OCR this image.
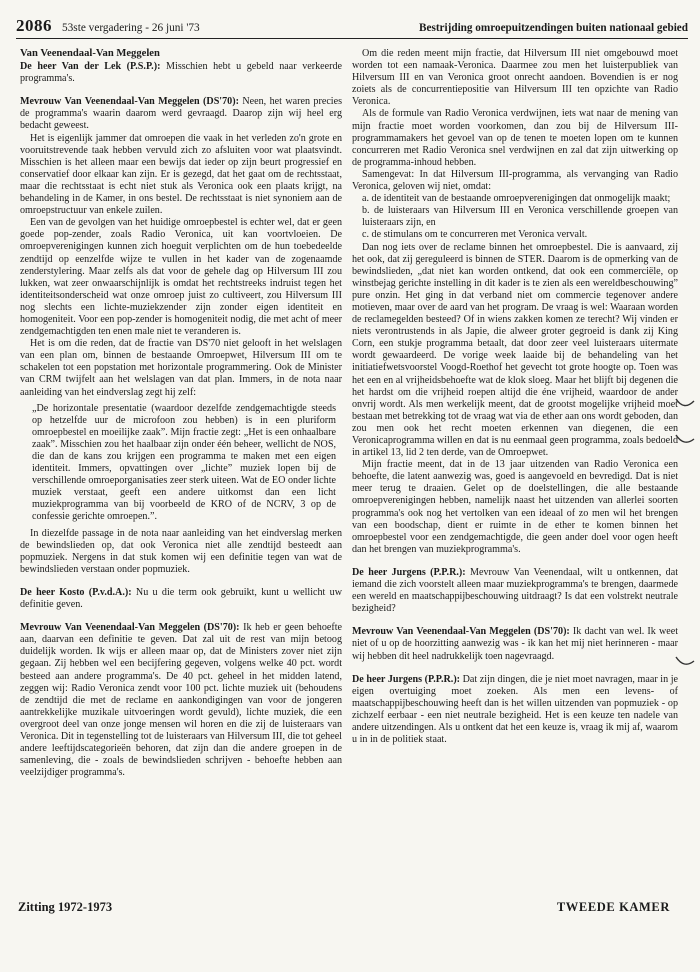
2086 53ste vergadering - 26 juni '73	Bestrijding omroepuitzendingen buiten nationaal gebied
Van Veenendaal-Van Meggelen

De heer Van der Lek (P.S.P.): Misschien hebt u gebeld naar verkeerde programma's.

Mevrouw Van Veenendaal-Van Meggelen (DS'70): Neen, het waren precies de programma's waarin daarom werd gevraagd. Daarop zijn wij heel erg bedacht geweest.

Het is eigenlijk jammer dat omroepen die vaak in het verleden zo'n grote en vooruitstrevende taak hebben vervuld zich zo afsluiten voor wat plaatsvindt. Misschien is het alleen maar een bewijs dat ieder op zijn beurt progressief en conservatief door elkaar kan zijn. Er is gezegd, dat het gaat om de rechtsstaat, maar die rechtsstaat is echt niet stuk als Veronica ook een plaats krijgt, na behandeling in de Kamer, in ons bestel. De rechtsstaat is niet synoniem aan de omroepstructuur van enkele zuilen.

Een van de gevolgen van het huidige omroepbestel is echter wel, dat er geen goede pop-zender, zoals Radio Veronica, uit kan voortvloeien. De omroepverenigingen kunnen zich hoeguit verplichten om de hun toebedeelde zendtijd op eenzelfde wijze te vullen in het kader van de zogenaamde zenderstylering. Maar zelfs als dat voor de gehele dag op Hilversum III zou lukken, wat zeer onwaarschijnlijk is omdat het rechtstreeks indruist tegen het identiteitsonderscheid wat onze omroep juist zo cultiveert, zou Hilversum III nog slechts een lichte-muziekzender zijn zonder eigen identiteit en homogeniteit. Voor een pop-zender is homogeniteit nodig, die met acht of meer zendgemachtigden ten enen male niet te veranderen is.

Het is om die reden, dat de fractie van DS'70 niet gelooft in het welslagen van een plan om, binnen de bestaande Omroepwet, Hilversum III om te schakelen tot een popstation met horizontale programmering. Ook de Minister van CRM twijfelt aan het welslagen van dat plan. Immers, in de nota naar aanleiding van het eindverslag zegt hij zelf:

„De horizontale presentatie (waardoor dezelfde zendgemachtigde steeds op hetzelfde uur de microfoon zou hebben) is in een pluriform omroepbestel en moeilijke zaak”. Mijn fractie zegt: „Het is een onhaalbare zaak”. Misschien zou het haalbaar zijn onder één beheer, wellicht de NOS, die dan de kans zou krijgen een programma te maken met een eigen identiteit. Immers, opvattingen over „lichte” muziek lopen bij de verschillende omroeporganisaties zeer sterk uiteen. Wat de EO onder lichte muziek verstaat, geeft een andere uitkomst dan een licht muziekprogramma van bij voorbeeld de KRO of de NCRV, 3 op de confessie gerichte omroepen.”.

In diezelfde passage in de nota naar aanleiding van het eindverslag merken de bewindslieden op, dat ook Veronica niet alle zendtijd besteedt aan popmuziek. Nergens in dat stuk komen wij een definitie tegen van wat de bewindslieden verstaan onder popmuziek.

De heer Kosto (P.v.d.A.): Nu u die term ook gebruikt, kunt u wellicht uw definitie geven.

Mevrouw Van Veenendaal-Van Meggelen (DS'70): Ik heb er geen behoefte aan, daarvan een definitie te geven. Dat zal uit de rest van mijn betoog duidelijk worden. Ik wijs er alleen maar op, dat de Ministers zover niet zijn gegaan. Zij hebben wel een becijfering gegeven, volgens welke 40 pct. wordt besteed aan andere programma's. De 40 pct. geheel in het midden latend, zeggen wij: Radio Veronica zendt voor 100 pct. lichte muziek uit (behoudens de zendtijd die met de reclame en aankondigingen van voor de jongeren aantrekkelijke muzikale uitvoeringen wordt gevuld), lichte muziek, die een overgroot deel van onze jonge mensen wil horen en die zij de luisteraars van Veronica. Dit in tegenstelling tot de luisteraars van Hilversum III, die tot geheel andere leeftijdscategorieën behoren, dat zijn dan die andere groepen in de samenleving, die - zoals de bewindslieden schrijven - behoefte hebben aan veelzijdiger programma's.

Om die reden meent mijn fractie, dat Hilversum III niet omgebouwd moet worden tot een namaak-Veronica. Daarmee zou men het luisterpubliek van Hilversum III en van Veronica groot onrecht aandoen. Bovendien is er nog zoiets als de concurrentiepositie van Hilversum III ten opzichte van Radio Veronica.

Als de formule van Radio Veronica verdwijnen, iets wat naar de mening van mijn fractie moet worden voorkomen, dan zou bij de Hilversum III-programmamakers het gevoel van op de tenen te moeten lopen om te kunnen concurreren met Radio Veronica snel verdwijnen en zal dat zijn uitwerking op de programma-inhoud hebben.

Samengevat: In dat Hilversum III-programma, als vervanging van Radio Veronica, geloven wij niet, omdat:

a. de identiteit van de bestaande omroepverenigingen dat onmogelijk maakt;
b. de luisteraars van Hilversum III en Veronica verschillende groepen van luisteraars zijn, en
c. de stimulans om te concurreren met Veronica vervalt.

Dan nog iets over de reclame binnen het omroepbestel. Die is aanvaard, zij het ook, dat zij gereguleerd is binnen de STER. Daarom is de opmerking van de bewindslieden, „dat niet kan worden ontkend, dat ook een commerciële, op winstbejag gerichte instelling in dit kader is te zien als een wereldbeschouwing” pure onzin. Het ging in dat verband niet om commercie tegenover andere motieven, maar over de aard van het program. De vraag is wel: Waaraan worden de reclamegelden besteed? Of in wiens zakken komen ze terecht? Wij vinden er niets verontrustends in als Japie, die alweer groter gegroeid is dank zij King Corn, een stukje programma betaalt, dat door zeer veel luisteraars uitermate wordt gewaardeerd. De vorige week laaide bij de behandeling van het initiatiefwetsvoorstel Voogd-Roethof het gevecht tot grote hoogte op. Toen was het een en al vrijheidsbehoefte wat de klok sloeg. Maar het blijft bij degenen die het hardst om die vrijheid roepen altijd die éne vrijheid, waardoor de ander onvrij wordt. Als men werkelijk meent, dat de grootst mogelijke vrijheid moet bestaan met betrekking tot de vraag wat via de ether aan ons wordt geboden, dan zou men ook het recht moeten erkennen van diegenen, die een Veronicaprogramma willen en dat is nu eenmaal geen programma, zoals bedoeld in artikel 13, lid 2 ten derde, van de Omroepwet.

Mijn fractie meent, dat in de 13 jaar uitzenden van Radio Veronica een behoefte, die latent aanwezig was, goed is aangevoeld en bevredigd. Dat is niet meer terug te draaien. Gelet op de doelstellingen, die alle bestaande omroepverenigingen hebben, namelijk naast het uitzenden van allerlei soorten programma's ook nog het vertolken van een ideaal of zo men wil het brengen van een boodschap, dient er ruimte in de ether te komen binnen het omroepbestel voor een zendgemachtigde, die geen ander doel voor ogen heeft dan het brengen van muziekprogramma's.

De heer Jurgens (P.P.R.): Mevrouw Van Veenendaal, wilt u ontkennen, dat iemand die zich voorstelt alleen maar muziekprogramma's te brengen, daarmede een wereld en maatschappijbeschouwing uitdraagt? Is dat een volstrekt neutrale bezigheid?

Mevrouw Van Veenendaal-Van Meggelen (DS'70): Ik dacht van wel. Ik weet niet of u op de hoorzitting aanwezig was - ik kan het mij niet herinneren - maar wij hebben dit heel nadrukkelijk toen nagevraagd.

De heer Jurgens (P.P.R.): Dat zijn dingen, die je niet moet navragen, maar in je eigen overtuiging moet zoeken. Als men een levens- of maatschappijbeschouwing heeft dan is het willen uitzenden van popmuziek - op zichzelf eerbaar - een niet neutrale bezigheid. Het is een keuze ten nadele van andere uitzendingen. Als u ontkent dat het een keuze is, vraag ik mij af, waarom u in in de politiek staat.

Zitting 1972-1973	TWEEDE KAMER
